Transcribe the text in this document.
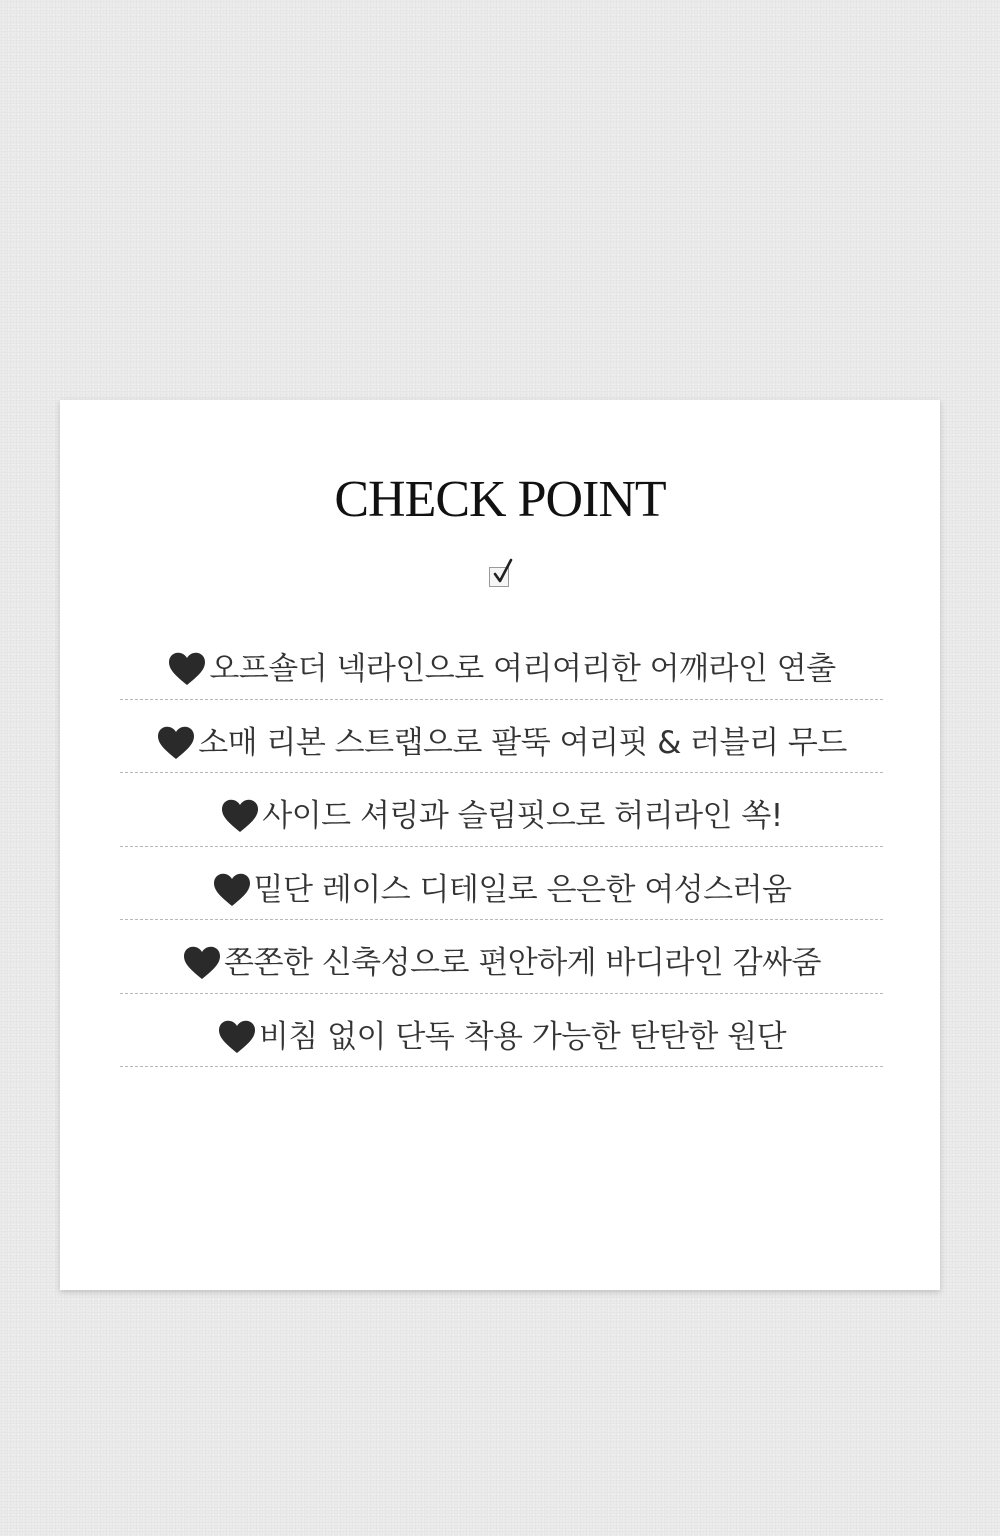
CHECK POINT
오프숄더 넥라인으로 여리여리한 어깨라인 연출
소매 리본 스트랩으로 팔뚝 여리핏 & 러블리 무드
사이드 셔링과 슬림핏으로 허리라인 쏙!
밑단 레이스 디테일로 은은한 여성스러움
쫀쫀한 신축성으로 편안하게 바디라인 감싸줌
비침 없이 단독 착용 가능한 탄탄한 원단
